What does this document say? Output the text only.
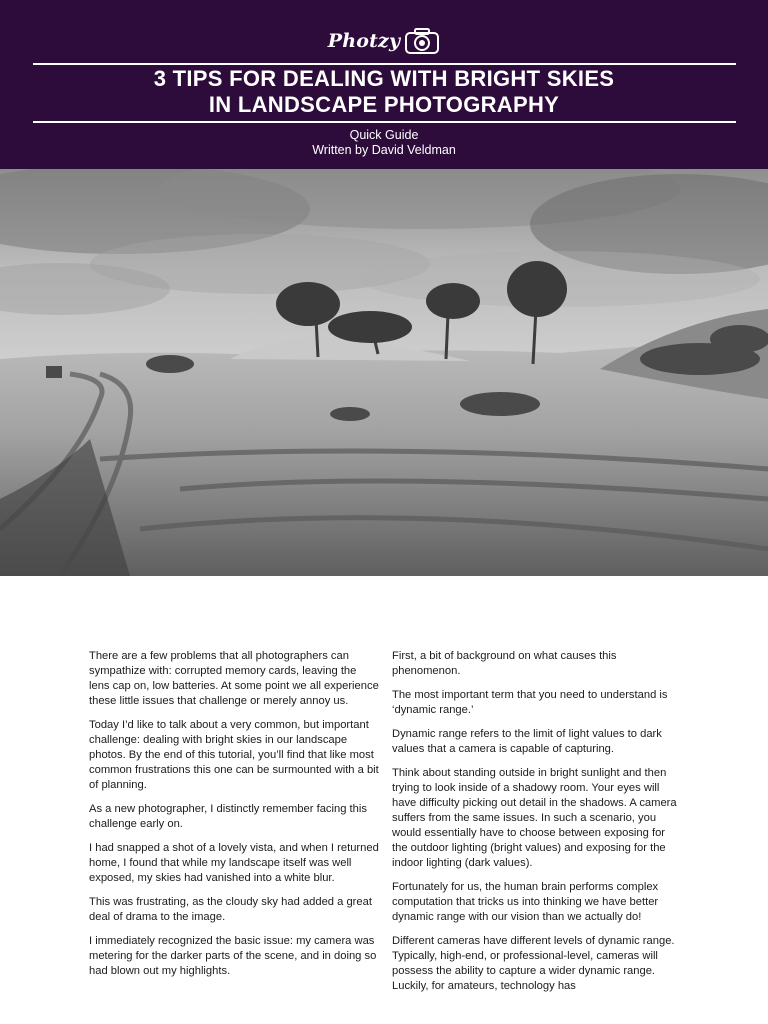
Photzy
3 TIPS FOR DEALING WITH BRIGHT SKIES
IN LANDSCAPE PHOTOGRAPHY
Quick Guide
Written by David Veldman

There are a few problems that all photographers can sympathize with: corrupted memory cards, leaving the lens cap on, low batteries. At some point we all experience these little issues that challenge or merely annoy us.

Today I’d like to talk about a very common, but important challenge: dealing with bright skies in our landscape photos. By the end of this tutorial, you’ll find that like most common frustrations this one can be surmounted with a bit of planning.

As a new photographer, I distinctly remember facing this challenge early on.

I had snapped a shot of a lovely vista, and when I returned home, I found that while my landscape itself was well exposed, my skies had vanished into a white blur.

This was frustrating, as the cloudy sky had added a great deal of drama to the image.

I immediately recognized the basic issue: my camera was metering for the darker parts of the scene, and in doing so had blown out my highlights.

First, a bit of background on what causes this phenomenon.

The most important term that you need to understand is ‘dynamic range.’

Dynamic range refers to the limit of light values to dark values that a camera is capable of capturing.

Think about standing outside in bright sunlight and then trying to look inside of a shadowy room. Your eyes will have difficulty picking out detail in the shadows. A camera suffers from the same issues. In such a scenario, you would essentially have to choose between exposing for the outdoor lighting (bright values) and exposing for the indoor lighting (dark values).

Fortunately for us, the human brain performs complex computation that tricks us into thinking we have better dynamic range with our vision than we actually do!

Different cameras have different levels of dynamic range. Typically, high-end, or professional-level, cameras will possess the ability to capture a wider dynamic range. Luckily, for amateurs, technology has
